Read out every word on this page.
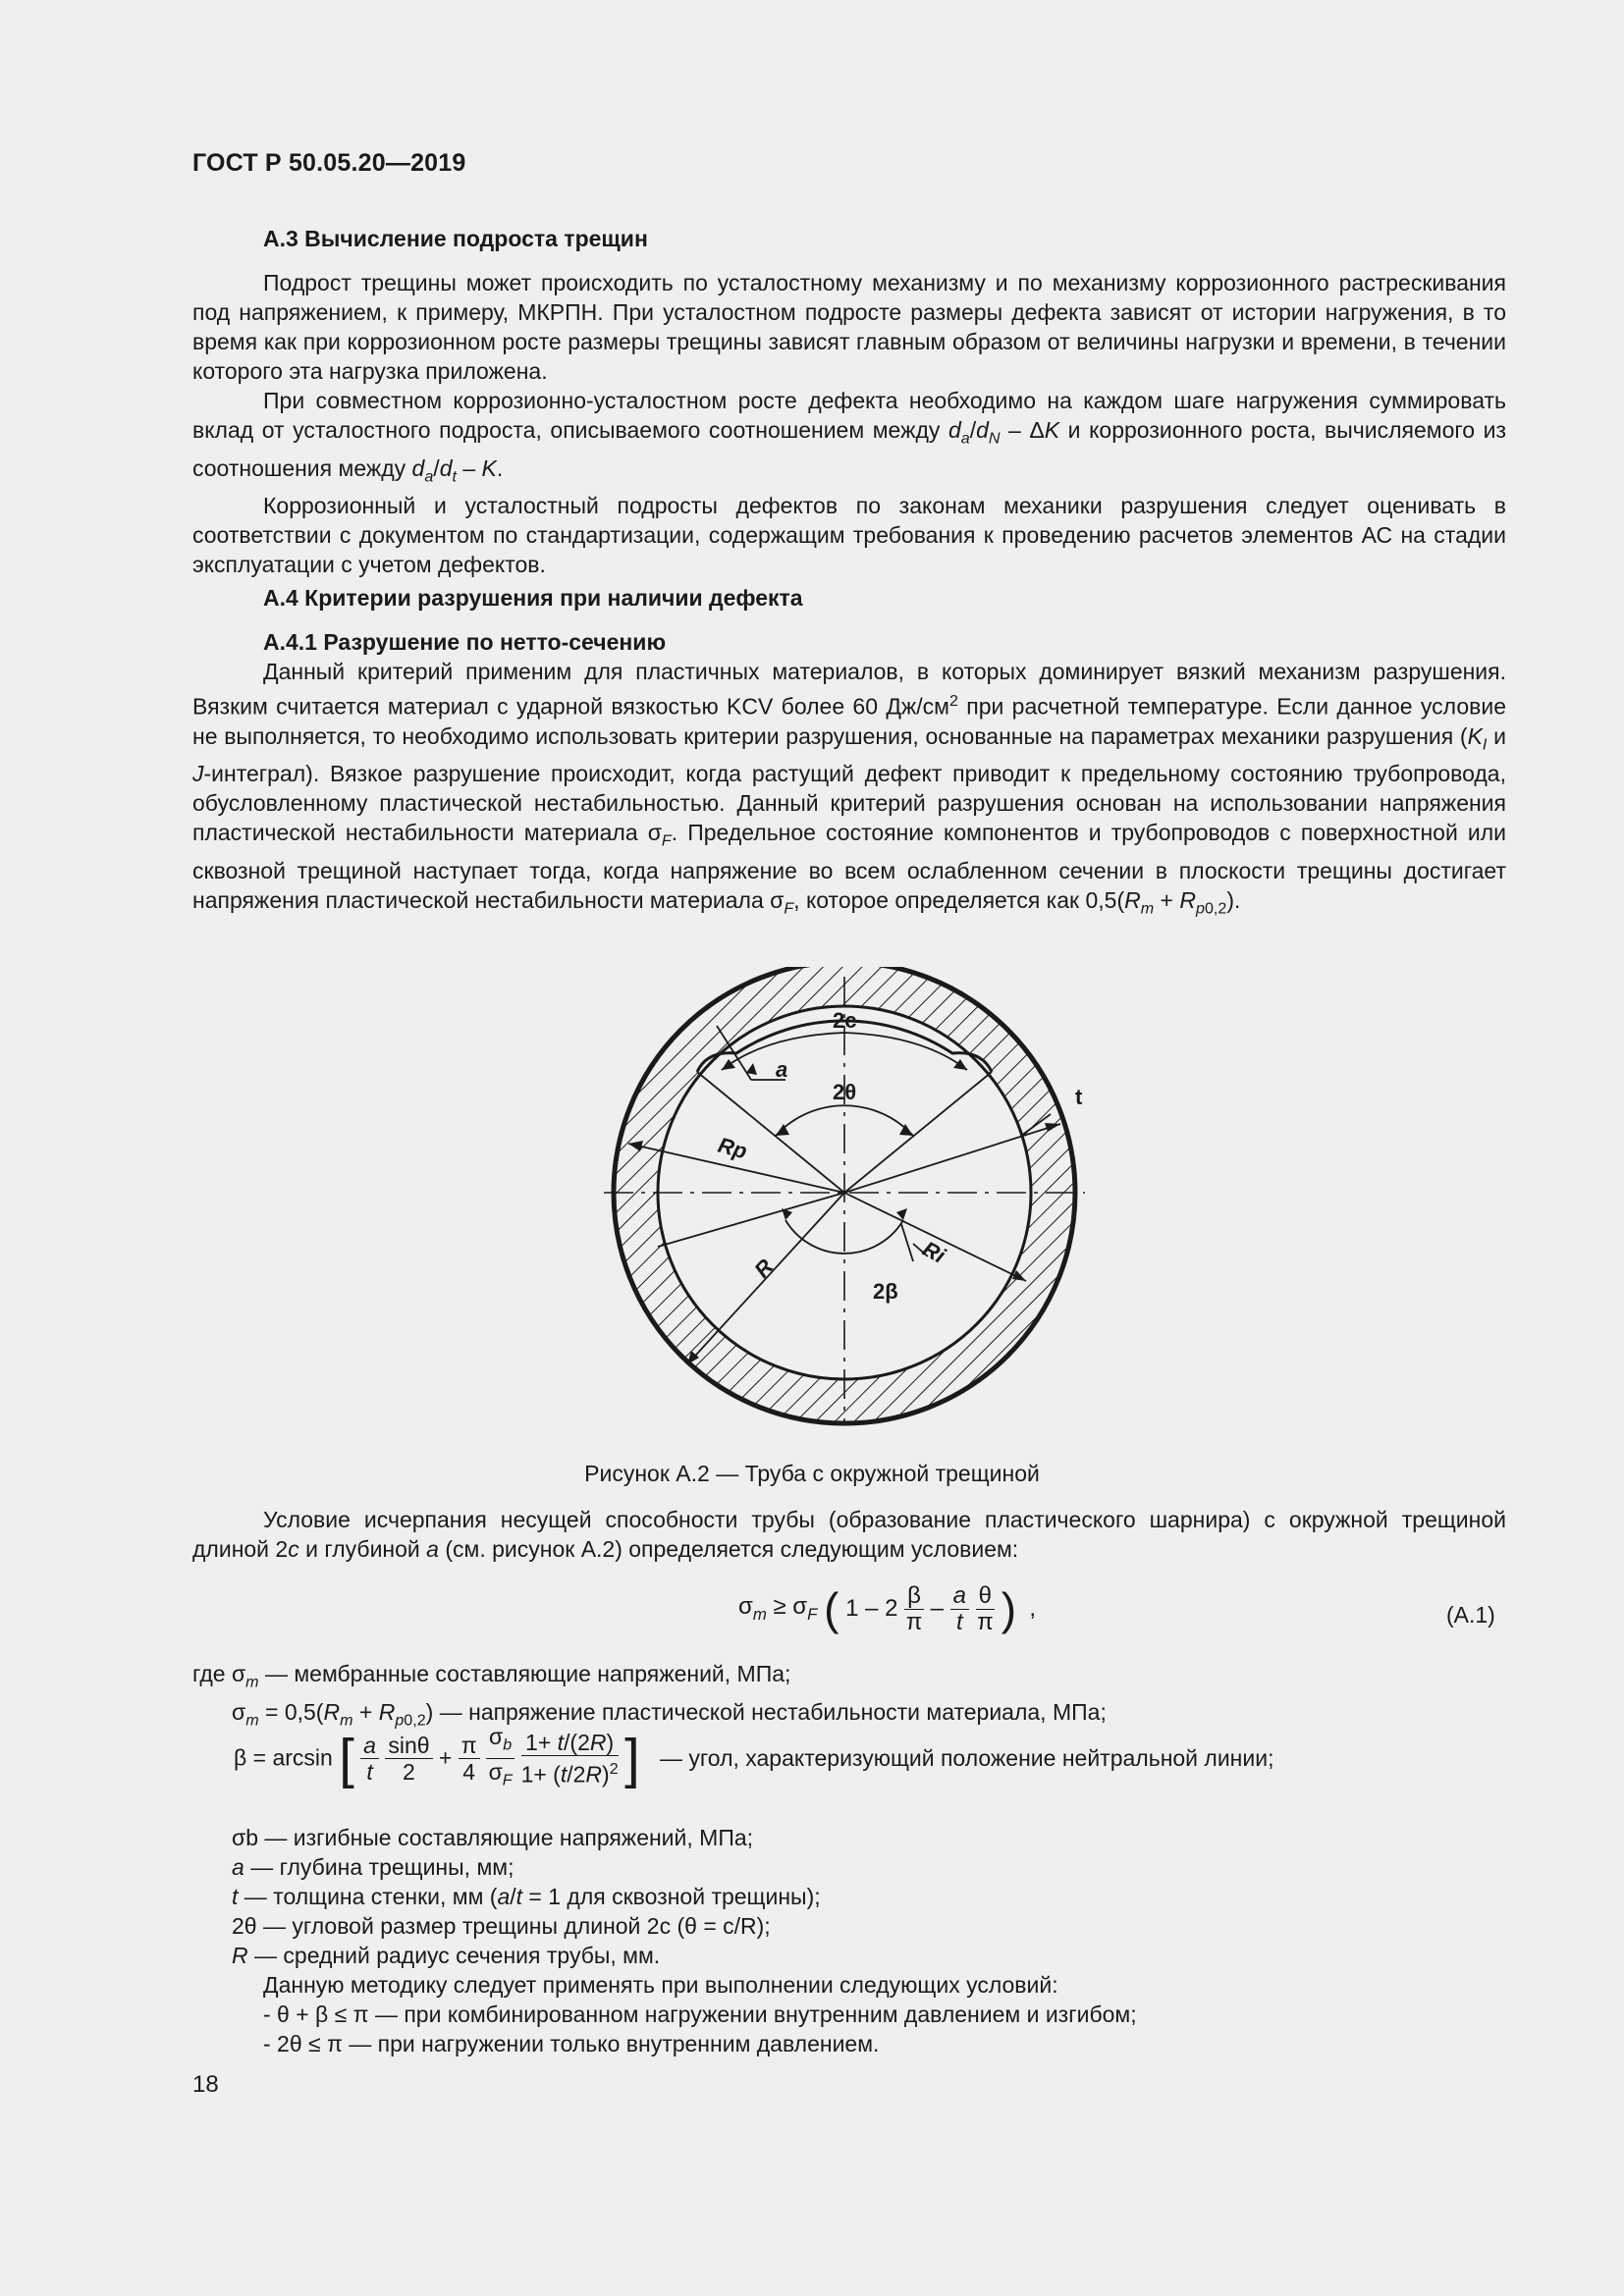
ГОСТ Р 50.05.20—2019
А.3 Вычисление подроста трещин

Подрост трещины может происходить по усталостному механизму и по механизму коррозионного растрескивания под напряжением, к примеру, МКРПН. При усталостном подросте размеры дефекта зависят от истории нагружения, в то время как при коррозионном росте размеры трещины зависят главным образом от величины нагрузки и времени, в течении которого эта нагрузка приложена.

При совместном коррозионно-усталостном росте дефекта необходимо на каждом шаге нагружения суммировать вклад от усталостного подроста, описываемого соотношением между $d_a/d_N$ – ΔK и коррозионного роста, вычисляемого из соотношения между $d_a/d_t$ – K.

Коррозионный и усталостный подросты дефектов по законам механики разрушения следует оценивать в соответствии с документом по стандартизации, содержащим требования к проведению расчетов элементов АС на стадии эксплуатации с учетом дефектов.

А.4 Критерии разрушения при наличии дефекта
А.4.1 Разрушение по нетто-сечению

Данный критерий применим для пластичных материалов, в которых доминирует вязкий механизм разрушения. Вязким считается материал с ударной вязкостью KCV более 60 $Дж/см^2$ при расчетной температуре. Если данное условие не выполняется, то необходимо использовать критерии разрушения, основанные на параметрах механики разрушения ($K_I$ и J-интеграл). Вязкое разрушение происходит, когда растущий дефект приводит к предельному состоянию трубопровода, обусловленному пластической нестабильностью. Данный критерий разрушения основан на использовании напряжения пластической нестабильности материала $\sigma_F$. Предельное состояние компонентов и трубопроводов с поверхностной или сквозной трещиной наступает тогда, когда напряжение во всем ослабленном сечении в плоскости трещины достигает напряжения пластической нестабильности материала $\sigma_F$, которое определяется как $0,5(R_m + R_{p0,2})$.

2c
a
2θ	t
Rp
R
Ri
2β
Рисунок А.2 — Труба с окружной трещиной

Условие исчерпания несущей способности трубы (образование пластического шарнира) с окружной трещиной длиной 2c и глубиной a (см. рисунок А.2) определяется следующим условием:

$\sigma_m \ge \sigma_F$ ( $1 - 2 \frac{\beta}{\pi} - \frac{a}{t}$
$\frac{\theta}{\pi}$ )  ,	(А.1)
где $\sigma_m$ — мембранные составляющие напряжений, МПа;
$\sigma_m = 0,5(R_m + R_{p0,2})$ — напряжение пластической нестабильности материала, МПа;
β = arcsin [ $\frac{a}{t}$
$\frac{\sin\theta}{2} + \frac{\pi}{4}$
$\frac{\sigma_b}{\sigma_F}$
$\frac{1+ t/(2R)}{1+ (t/2R)^2}$ ] — угол, характеризующий положение нейтральной линии;
σb — изгибные составляющие напряжений, МПа;
a — глубина трещины, мм;
t — толщина стенки, мм (a/t = 1 для сквозной трещины);
2θ — угловой размер трещины длиной 2c (θ = c/R);
R — средний радиус сечения трубы, мм.
Данную методику следует применять при выполнении следующих условий:
- θ + β ≤ π — при комбинированном нагружении внутренним давлением и изгибом;
- 2θ ≤ π — при нагружении только внутренним давлением.
18
